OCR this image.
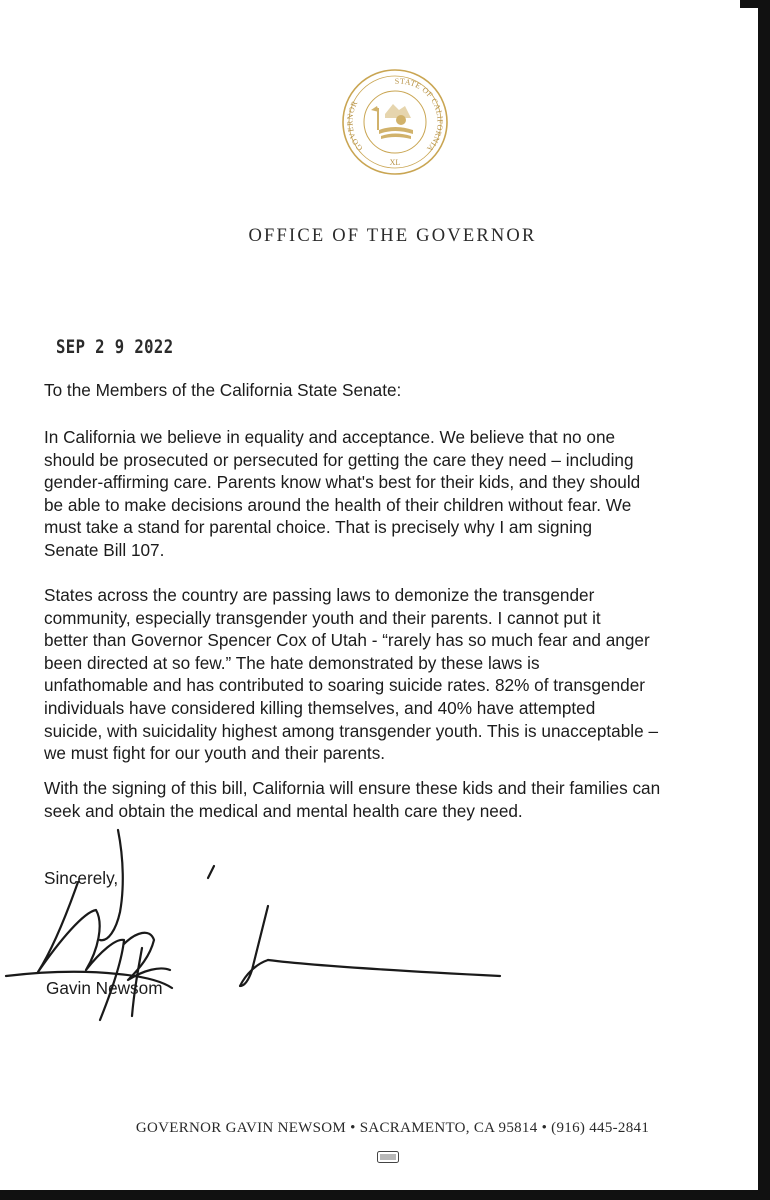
GOVERNOR
STATE OF CALIFORNIA
XL
OFFICE OF THE GOVERNOR
SEP 2 9 2022

To the Members of the California State Senate:

In California we believe in equality and acceptance. We believe that no one
should be prosecuted or persecuted for getting the care they need – including
gender-affirming care. Parents know what's best for their kids, and they should
be able to make decisions around the health of their children without fear. We
must take a stand for parental choice. That is precisely why I am signing
Senate Bill 107.

States across the country are passing laws to demonize the transgender
community, especially transgender youth and their parents. I cannot put it
better than Governor Spencer Cox of Utah - “rarely has so much fear and anger
been directed at so few.” The hate demonstrated by these laws is
unfathomable and has contributed to soaring suicide rates. 82% of transgender
individuals have considered killing themselves, and 40% have attempted
suicide, with suicidality highest among transgender youth. This is unacceptable –
we must fight for our youth and their parents.

With the signing of this bill, California will ensure these kids and their families can
seek and obtain the medical and mental health care they need.

Sincerely,
Gavin Newsom
GOVERNOR GAVIN NEWSOM • SACRAMENTO, CA 95814 • (916) 445-2841
